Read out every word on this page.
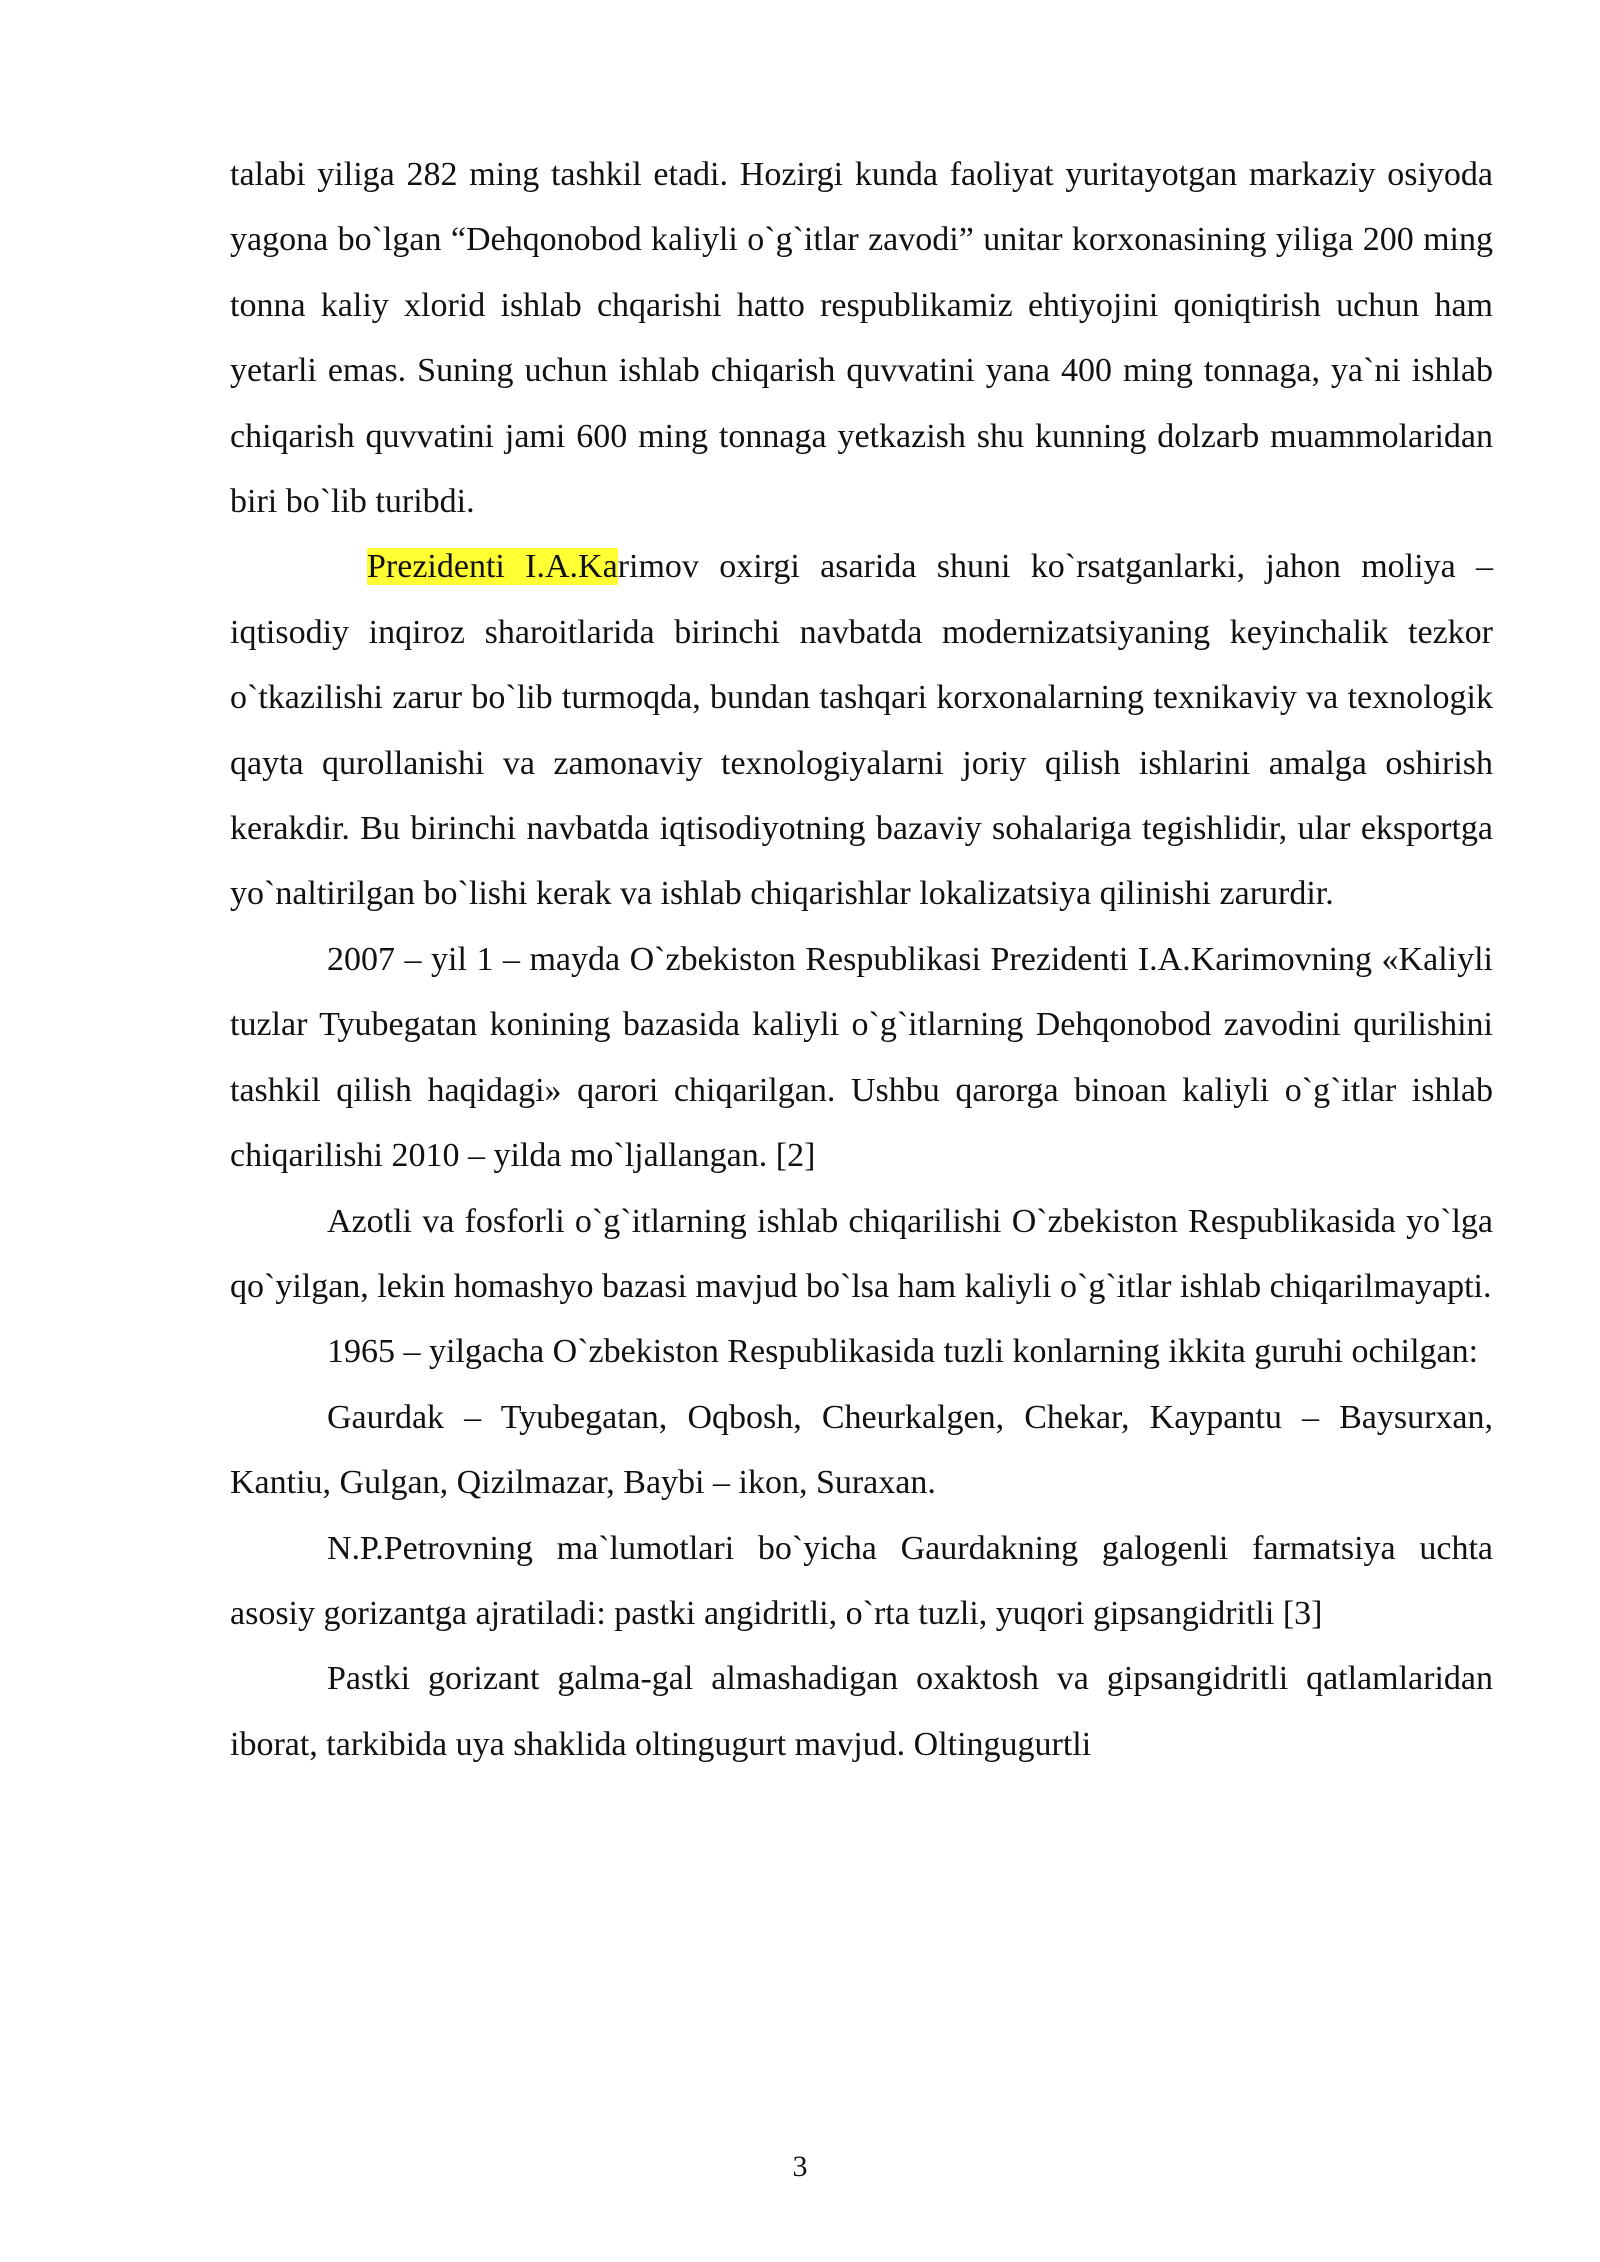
talabi yiliga 282 ming tashkil etadi. Hozirgi kunda faoliyat yuritayotgan markaziy osiyoda yagona bo`lgan “Dehqonobod kaliyli o`g`itlar zavodi” unitar korxonasining yiliga 200 ming tonna kaliy xlorid ishlab chqarishi hatto respublikamiz ehtiyojini qoniqtirish uchun ham yetarli emas. Suning uchun ishlab chiqarish quvvatini yana 400 ming tonnaga, ya`ni ishlab chiqarish quvvatini jami 600 ming tonnaga yetkazish shu kunning dolzarb muammolaridan biri bo`lib turibdi.

Prezidenti I.A.Karimov oxirgi asarida shuni ko`rsatganlarki, jahon moliya – iqtisodiy inqiroz sharoitlarida birinchi navbatda modernizatsiyaning keyinchalik tezkor o`tkazilishi zarur bo`lib turmoqda, bundan tashqari korxonalarning texnikaviy va texnologik qayta qurollanishi va zamonaviy texnologiyalarni joriy qilish ishlarini amalga oshirish kerakdir. Bu birinchi navbatda iqtisodiyotning bazaviy sohalariga tegishlidir, ular eksportga yo`naltirilgan bo`lishi kerak va ishlab chiqarishlar lokalizatsiya qilinishi zarurdir.

2007 – yil 1 – mayda O`zbekiston Respublikasi Prezidenti I.A.Karimovning «Kaliyli tuzlar Tyubegatan konining bazasida kaliyli o`g`itlarning Dehqonobod zavodini qurilishini tashkil qilish haqidagi» qarori chiqarilgan. Ushbu qarorga binoan kaliyli o`g`itlar ishlab chiqarilishi 2010 – yilda mo`ljallangan. [2]

Azotli va fosforli o`g`itlarning ishlab chiqarilishi O`zbekiston Respublikasida yo`lga qo`yilgan, lekin homashyo bazasi mavjud bo`lsa ham kaliyli o`g`itlar ishlab chiqarilmayapti.

1965 – yilgacha O`zbekiston Respublikasida tuzli konlarning ikkita guruhi ochilgan:

Gaurdak – Tyubegatan, Oqbosh, Cheurkalgen, Chekar, Kaypantu – Baysurxan, Kantiu, Gulgan, Qizilmazar, Baybi – ikon, Suraxan.

N.P.Petrovning ma`lumotlari bo`yicha Gaurdakning galogenli farmatsiya uchta asosiy gorizantga ajratiladi: pastki angidritli, o`rta tuzli, yuqori gipsangidritli [3]

Pastki gorizant galma-gal almashadigan oxaktosh va gipsangidritli qatlamlaridan iborat, tarkibida uya shaklida oltingugurt mavjud. Oltingugurtli

3
